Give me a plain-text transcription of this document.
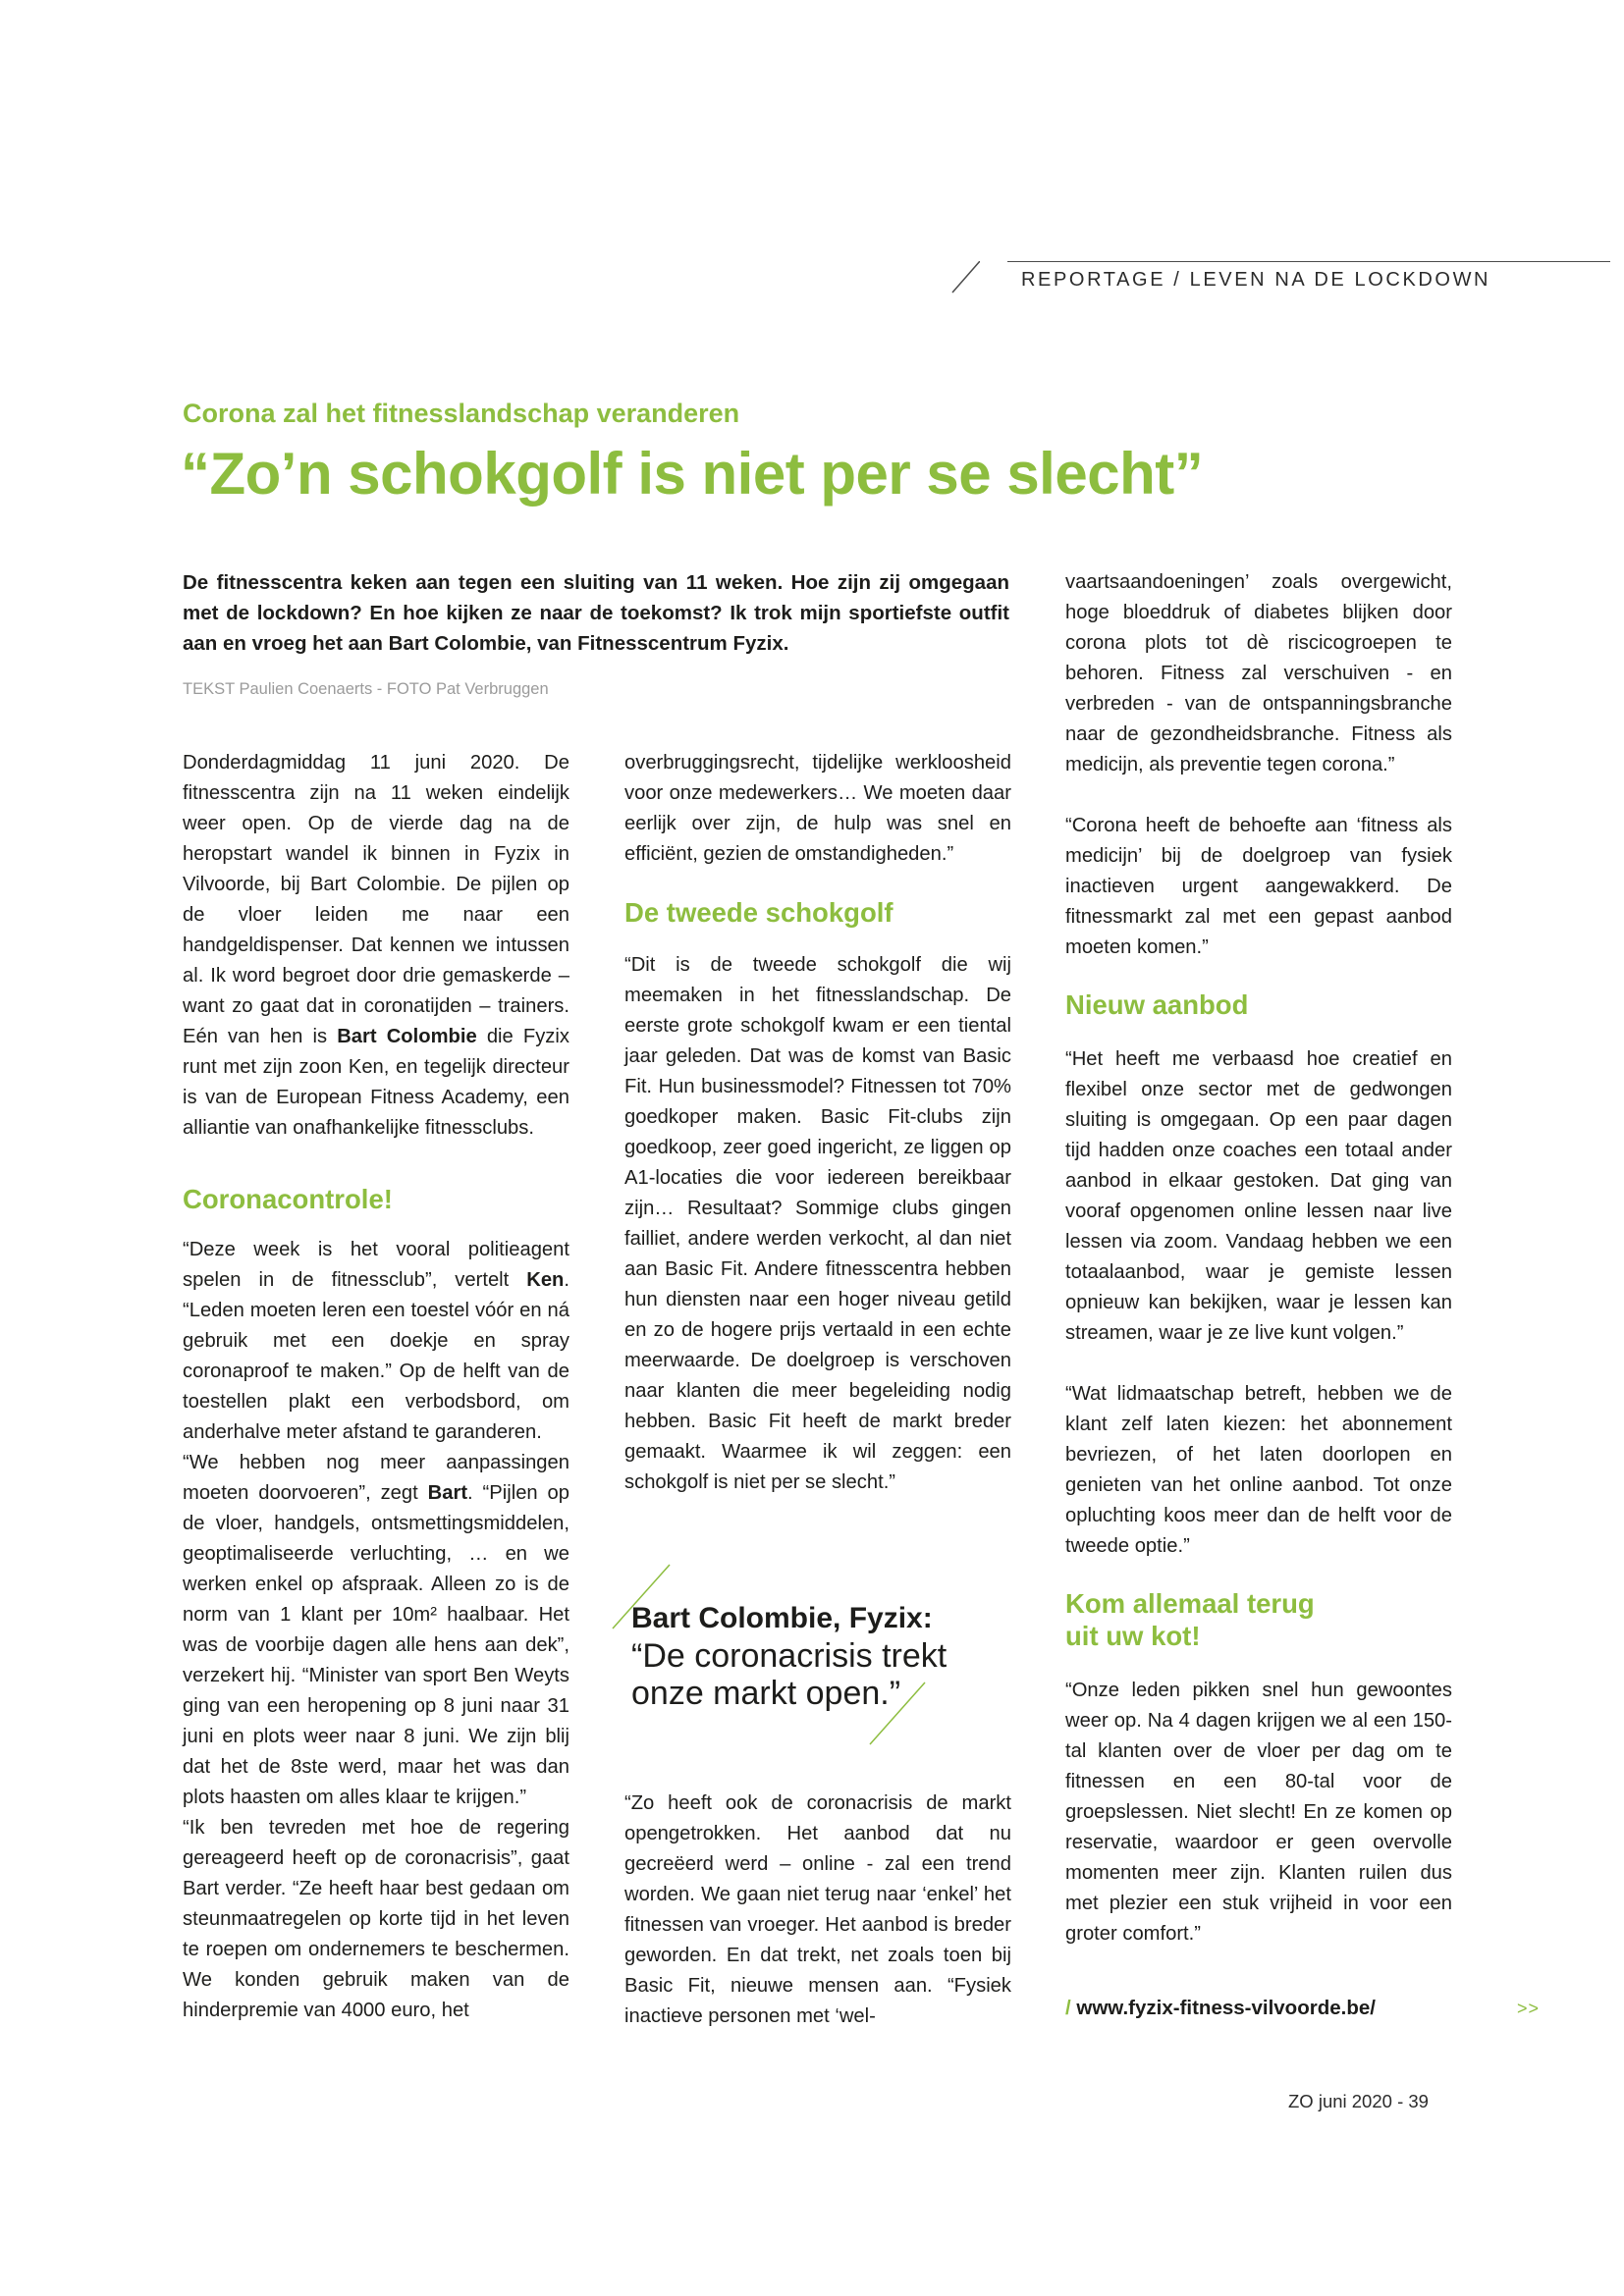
REPORTAGE / LEVEN NA DE LOCKDOWN
Corona zal het fitnesslandschap veranderen
“Zo’n schokgolf is niet per se slecht”
De fitnesscentra keken aan tegen een sluiting van 11 weken. Hoe zijn zij omgegaan met de lockdown? En hoe kijken ze naar de toekomst? Ik trok mijn sportiefste outfit aan en vroeg het aan Bart Colombie, van Fitnesscentrum Fyzix.
TEKST Paulien Coenaerts - FOTO Pat Verbruggen

Donderdagmiddag 11 juni 2020. De fitnesscentra zijn na 11 weken eindelijk weer open. Op de vierde dag na de heropstart wandel ik binnen in Fyzix in Vilvoorde, bij Bart Colombie. De pijlen op de vloer leiden me naar een handgeldispenser. Dat kennen we intussen al. Ik word begroet door drie gemaskerde – want zo gaat dat in coronatijden – trainers. Eén van hen is Bart Colombie die Fyzix runt met zijn zoon Ken, en tegelijk directeur is van de European Fitness Academy, een alliantie van onafhankelijke fitnessclubs.

Coronacontrole!

“Deze week is het vooral politieagent spelen in de fitnessclub”, vertelt Ken. “Leden moeten leren een toestel vóór en ná gebruik met een doekje en spray coronaproof te maken.” Op de helft van de toestellen plakt een verbodsbord, om anderhalve meter afstand te garanderen.

“We hebben nog meer aanpassingen moeten doorvoeren”, zegt Bart. “Pijlen op de vloer, handgels, ontsmettingsmiddelen, geoptimaliseerde verluchting, … en we werken enkel op afspraak. Alleen zo is de norm van 1 klant per 10m² haalbaar. Het was de voorbije dagen alle hens aan dek”, verzekert hij. “Minister van sport Ben Weyts ging van een heropening op 8 juni naar 31 juni en plots weer naar 8 juni. We zijn blij dat het de 8ste werd, maar het was dan plots haasten om alles klaar te krijgen.”

“Ik ben tevreden met hoe de regering gereageerd heeft op de coronacrisis”, gaat Bart verder. “Ze heeft haar best gedaan om steunmaatregelen op korte tijd in het leven te roepen om ondernemers te beschermen. We konden gebruik maken van de hinderpremie van 4000 euro, het

overbruggingsrecht, tijdelijke werkloosheid voor onze medewerkers… We moeten daar eerlijk over zijn, de hulp was snel en efficiënt, gezien de omstandigheden.”

De tweede schokgolf

“Dit is de tweede schokgolf die wij meemaken in het fitnesslandschap. De eerste grote schokgolf kwam er een tiental jaar geleden. Dat was de komst van Basic Fit. Hun businessmodel? Fitnessen tot 70% goedkoper maken. Basic Fit-clubs zijn goedkoop, zeer goed ingericht, ze liggen op A1-locaties die voor iedereen bereikbaar zijn… Resultaat? Sommige clubs gingen failliet, andere werden verkocht, al dan niet aan Basic Fit. Andere fitnesscentra hebben hun diensten naar een hoger niveau getild en zo de hogere prijs vertaald in een echte meerwaarde. De doelgroep is verschoven naar klanten die meer begeleiding nodig hebben. Basic Fit heeft de markt breder gemaakt. Waarmee ik wil zeggen: een schokgolf is niet per se slecht.”

“Zo heeft ook de coronacrisis de markt opengetrokken. Het aanbod dat nu gecreëerd werd – online - zal een trend worden. We gaan niet terug naar ‘enkel’ het fitnessen van vroeger. Het aanbod is breder geworden. En dat trekt, net zoals toen bij Basic Fit, nieuwe mensen aan. “Fysiek inactieve personen met ‘wel-

Bart Colombie, Fyzix:
“De coronacrisis trekt
onze markt open.”

vaartsaandoeningen’ zoals overgewicht, hoge bloeddruk of diabetes blijken door corona plots tot dè riscicogroepen te behoren. Fitness zal verschuiven - en verbreden - van de ontspanningsbranche naar de gezondheidsbranche. Fitness als medicijn, als preventie tegen corona.”

“Corona heeft de behoefte aan ‘fitness als medicijn’ bij de doelgroep van fysiek inactieven urgent aangewakkerd. De fitnessmarkt zal met een gepast aanbod moeten komen.”

Nieuw aanbod

“Het heeft me verbaasd hoe creatief en flexibel onze sector met de gedwongen sluiting is omgegaan. Op een paar dagen tijd hadden onze coaches een totaal ander aanbod in elkaar gestoken. Dat ging van vooraf opgenomen online lessen naar live lessen via zoom. Vandaag hebben we een totaalaanbod, waar je gemiste lessen opnieuw kan bekijken, waar je lessen kan streamen, waar je ze live kunt volgen.”

“Wat lidmaatschap betreft, hebben we de klant zelf laten kiezen: het abonnement bevriezen, of het laten doorlopen en genieten van het online aanbod. Tot onze opluchting koos meer dan de helft voor de tweede optie.”

Kom allemaal terug
uit uw kot!

“Onze leden pikken snel hun gewoontes weer op. Na 4 dagen krijgen we al een 150-tal klanten over de vloer per dag om te fitnessen en een 80-tal voor de groepslessen. Niet slecht! En ze komen op reservatie, waardoor er geen overvolle momenten meer zijn. Klanten ruilen dus met plezier een stuk vrijheid in voor een groter comfort.”

/ www.fyzix-fitness-vilvoorde.be/	>>
ZO juni 2020 - 39
